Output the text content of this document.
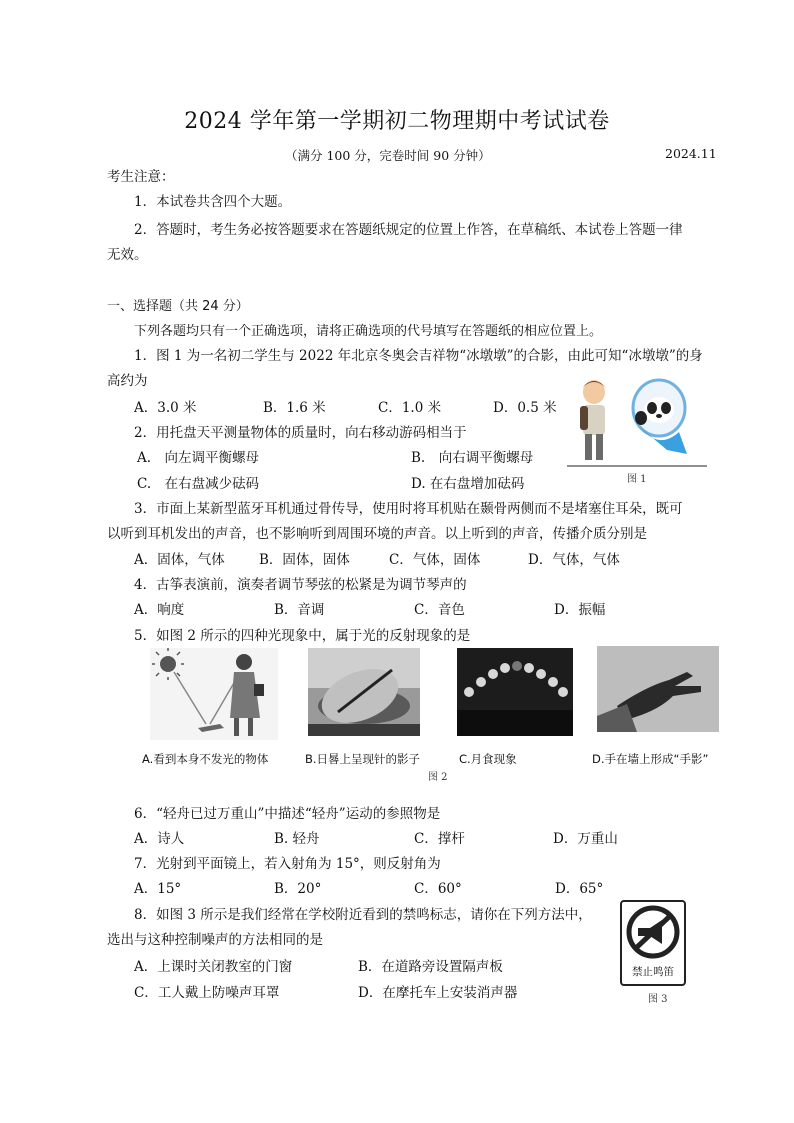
2024 学年第一学期初二物理期中考试试卷
（满分 100 分，完卷时间 90 分钟）	2024.11
考生注意：
1．本试卷共含四个大题。
2．答题时，考生务必按答题要求在答题纸规定的位置上作答，在草稿纸、本试卷上答题一律
无效。
一、选择题（共 24 分）
下列各题均只有一个正确选项，请将正确选项的代号填写在答题纸的相应位置上。
1．图 1 为一名初二学生与 2022 年北京冬奥会吉祥物“冰墩墩”的合影，由此可知“冰墩墩”的身
高约为
A．3.0 米	B．1.6 米	C．1.0 米	D．0.5 米
图 1
2．用托盘天平测量物体的质量时，向右移动游码相当于
A.　向左调平衡螺母	B.　向右调平衡螺母
C.　在右盘减少砝码	D. 在右盘增加砝码
3．市面上某新型蓝牙耳机通过骨传导，使用时将耳机贴在颞骨两侧而不是堵塞住耳朵，既可
以听到耳机发出的声音，也不影响听到周围环境的声音。以上听到的声音，传播介质分别是
A．固体，气体	B．固体，固体	C．气体，固体	D．气体，气体
4．古筝表演前，演奏者调节琴弦的松紧是为调节琴声的
A．响度	B．音调	C．音色	D．振幅
5．如图 2 所示的四种光现象中，属于光的反射现象的是
A.看到本身不发光的物体	B.日晷上呈现针的影子	C.月食现象	D.手在墙上形成“手影”
图 2
6．“轻舟已过万重山”中描述“轻舟”运动的参照物是
A．诗人	B. 轻舟	C．撑杆	D．万重山
7．光射到平面镜上，若入射角为 15°，则反射角为
A．15°	B．20°	C．60°	D．65°
8．如图 3 所示是我们经常在学校附近看到的禁鸣标志，请你在下列方法中，
选出与这种控制噪声的方法相同的是
A．上课时关闭教室的门窗	B．在道路旁设置隔声板
C．工人戴上防噪声耳罩	D．在摩托车上安装消声器
禁止鸣笛
图 3
